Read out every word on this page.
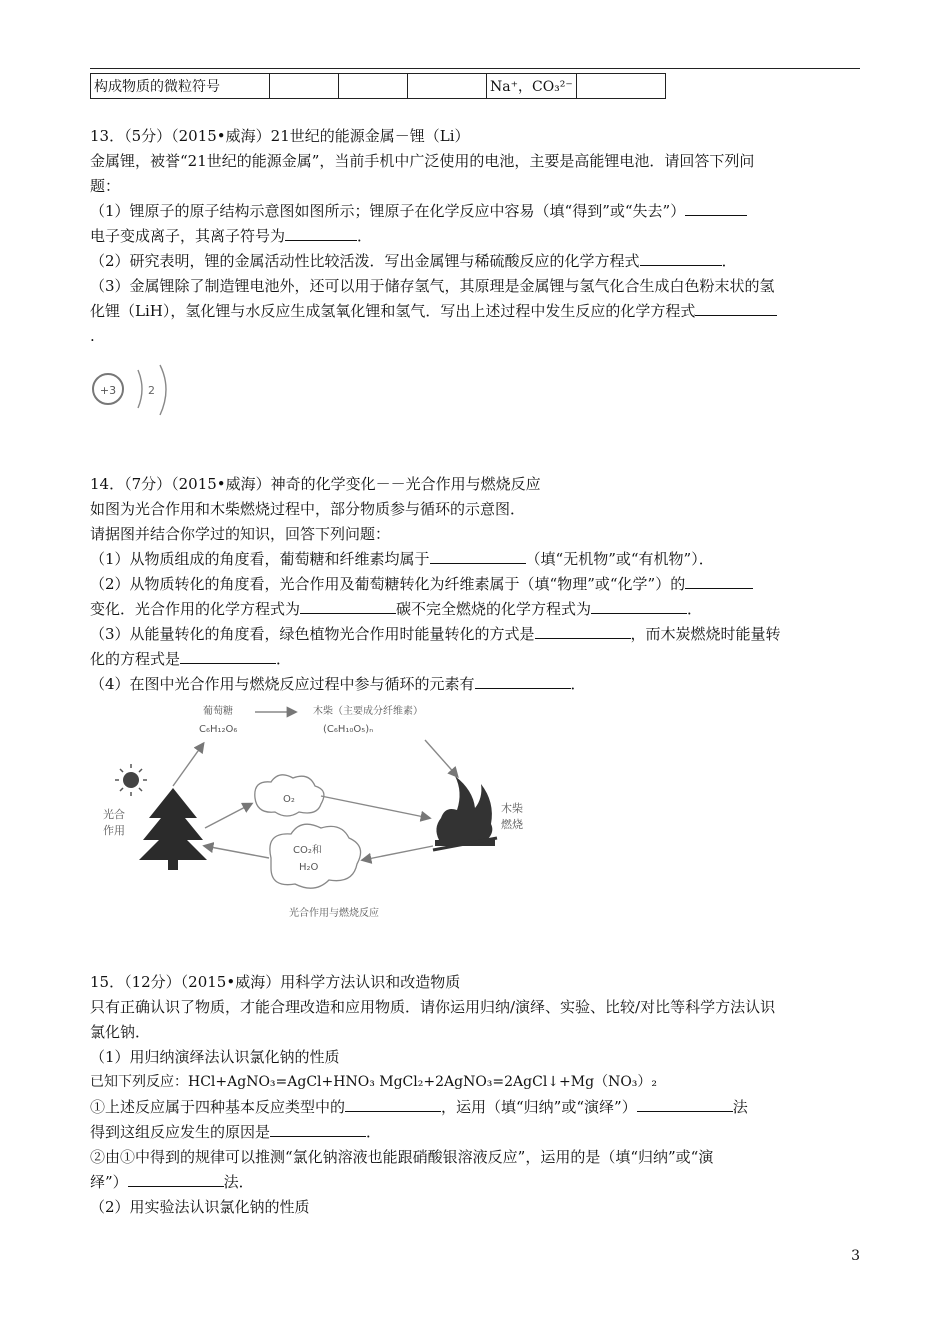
构成物质的微粒符号				Na⁺，CO₃²⁻	
13．（5分）（2015•威海）21世纪的能源金属－锂（Li）
金属锂，被誉“21世纪的能源金属”，当前手机中广泛使用的电池，主要是高能锂电池．请回答下列问
题：
（1）锂原子的原子结构示意图如图所示；锂原子在化学反应中容易（填“得到”或“失去”）
电子变成离子，其离子符号为	．
（2）研究表明，锂的金属活动性比较活泼．写出金属锂与稀硫酸反应的化学方程式	．
（3）金属锂除了制造锂电池外，还可以用于储存氢气，其原理是金属锂与氢气化合生成白色粉末状的氢
化锂（LiH），氢化锂与水反应生成氢氧化锂和氢气．写出上述过程中发生反应的化学方程式
.
+3	2
14．（7分）（2015•威海）神奇的化学变化－－光合作用与燃烧反应
如图为光合作用和木柴燃烧过程中，部分物质参与循环的示意图．
请据图并结合你学过的知识，回答下列问题：
（1）从物质组成的角度看，葡萄糖和纤维素均属于	（填“无机物”或“有机物”）．
（2）从物质转化的角度看，光合作用及葡萄糖转化为纤维素属于（填“物理”或“化学”）的
变化．光合作用的化学方程式为	碳不完全燃烧的化学方程式为	．
（3）从能量转化的角度看，绿色植物光合作用时能量转化的方式是	，而木炭燃烧时能量转
化的方程式是	．
（4）在图中光合作用与燃烧反应过程中参与循环的元素有	．
葡萄糖
C₆H₁₂O₆
木柴（主要成分纤维素）
(C₆H₁₀O₅)ₙ
光合
作用
O₂
CO₂和
H₂O
木柴
燃烧
光合作用与燃烧反应
15．（12分）（2015•威海）用科学方法认识和改造物质
只有正确认识了物质，才能合理改造和应用物质．请你运用归纳/演绎、实验、比较/对比等科学方法认识
氯化钠．
（1）用归纳演绎法认识氯化钠的性质
已知下列反应：HCl+AgNO₃=AgCl+HNO₃ MgCl₂+2AgNO₃=2AgCl↓+Mg（NO₃）₂
①上述反应属于四种基本反应类型中的	，运用（填“归纳”或“演绎”）	法
得到这组反应发生的原因是	．
②由①中得到的规律可以推测“氯化钠溶液也能跟硝酸银溶液反应”，运用的是（填“归纳”或“演
绎”）	法．
（2）用实验法认识氯化钠的性质
3
